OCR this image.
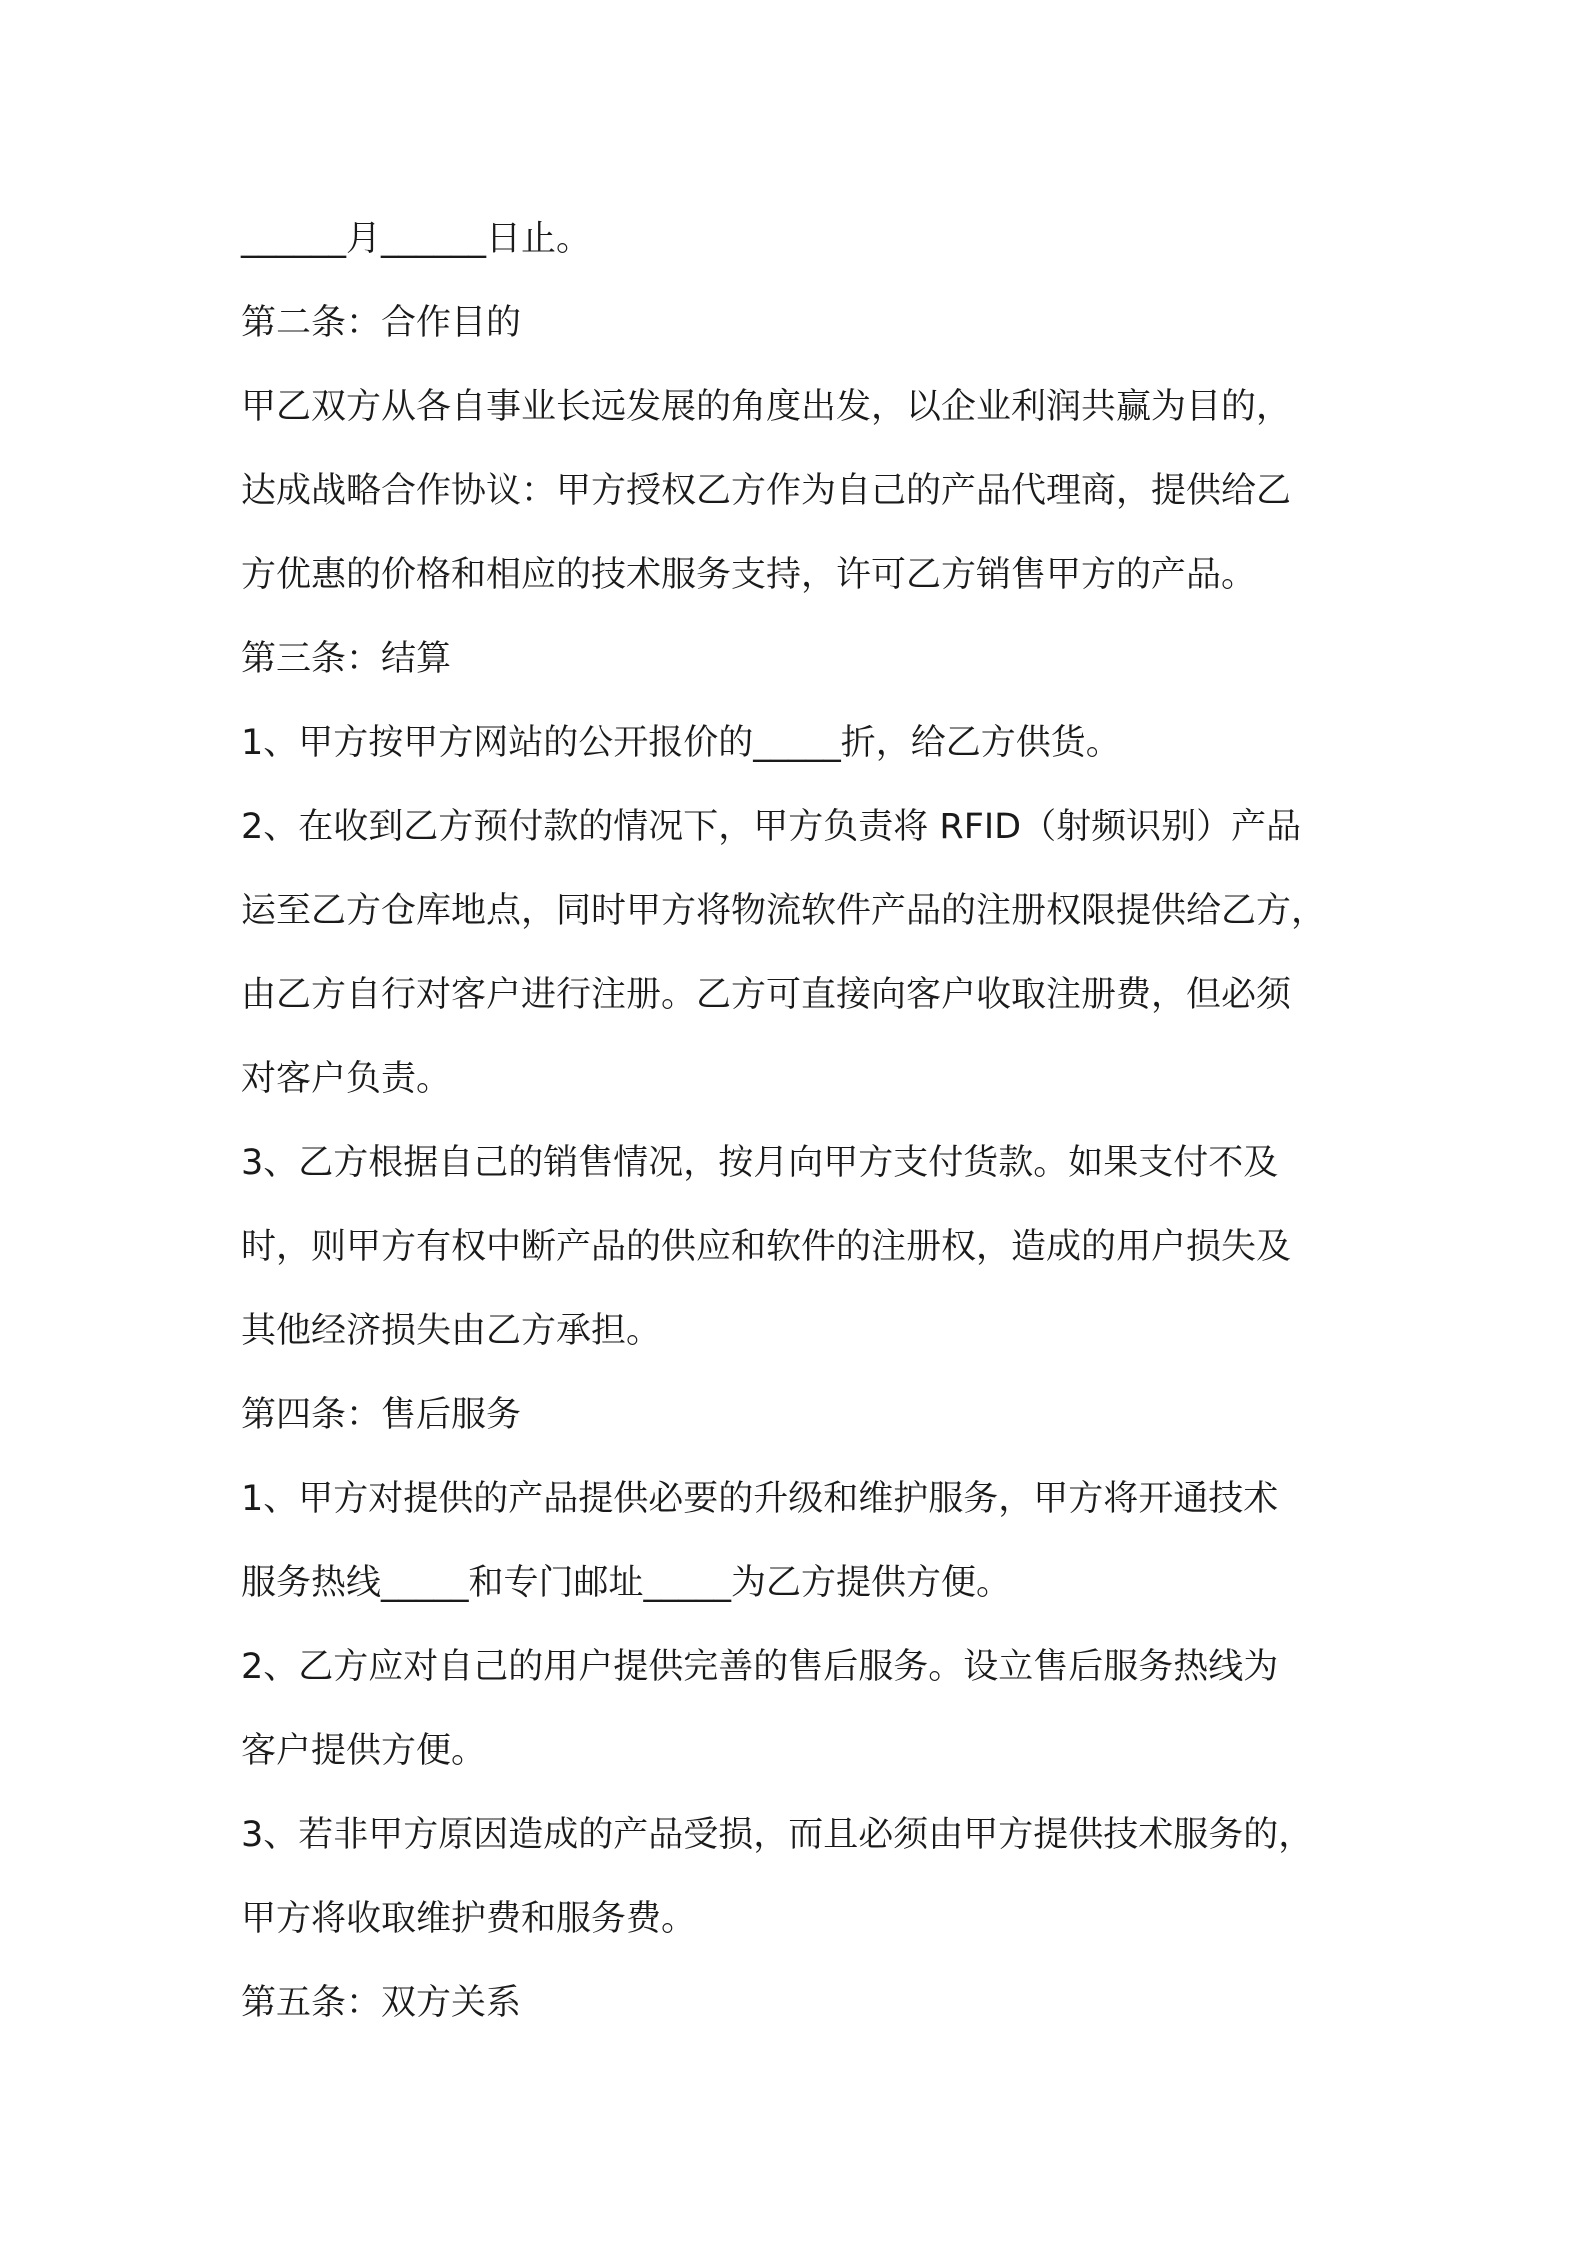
______月______日止。
第二条：合作目的
甲乙双方从各自事业长远发展的角度出发，以企业利润共赢为目的，
达成战略合作协议：甲方授权乙方作为自己的产品代理商，提供给乙
方优惠的价格和相应的技术服务支持，许可乙方销售甲方的产品。
第三条：结算
1、甲方按甲方网站的公开报价的_____折，给乙方供货。
2、在收到乙方预付款的情况下，甲方负责将 RFID（射频识别）产品
运至乙方仓库地点，同时甲方将物流软件产品的注册权限提供给乙方，
由乙方自行对客户进行注册。乙方可直接向客户收取注册费，但必须
对客户负责。
3、乙方根据自己的销售情况，按月向甲方支付货款。如果支付不及
时，则甲方有权中断产品的供应和软件的注册权，造成的用户损失及
其他经济损失由乙方承担。
第四条：售后服务
1、甲方对提供的产品提供必要的升级和维护服务，甲方将开通技术
服务热线_____和专门邮址_____为乙方提供方便。
2、乙方应对自己的用户提供完善的售后服务。设立售后服务热线为
客户提供方便。
3、若非甲方原因造成的产品受损，而且必须由甲方提供技术服务的，
甲方将收取维护费和服务费。
第五条：双方关系
